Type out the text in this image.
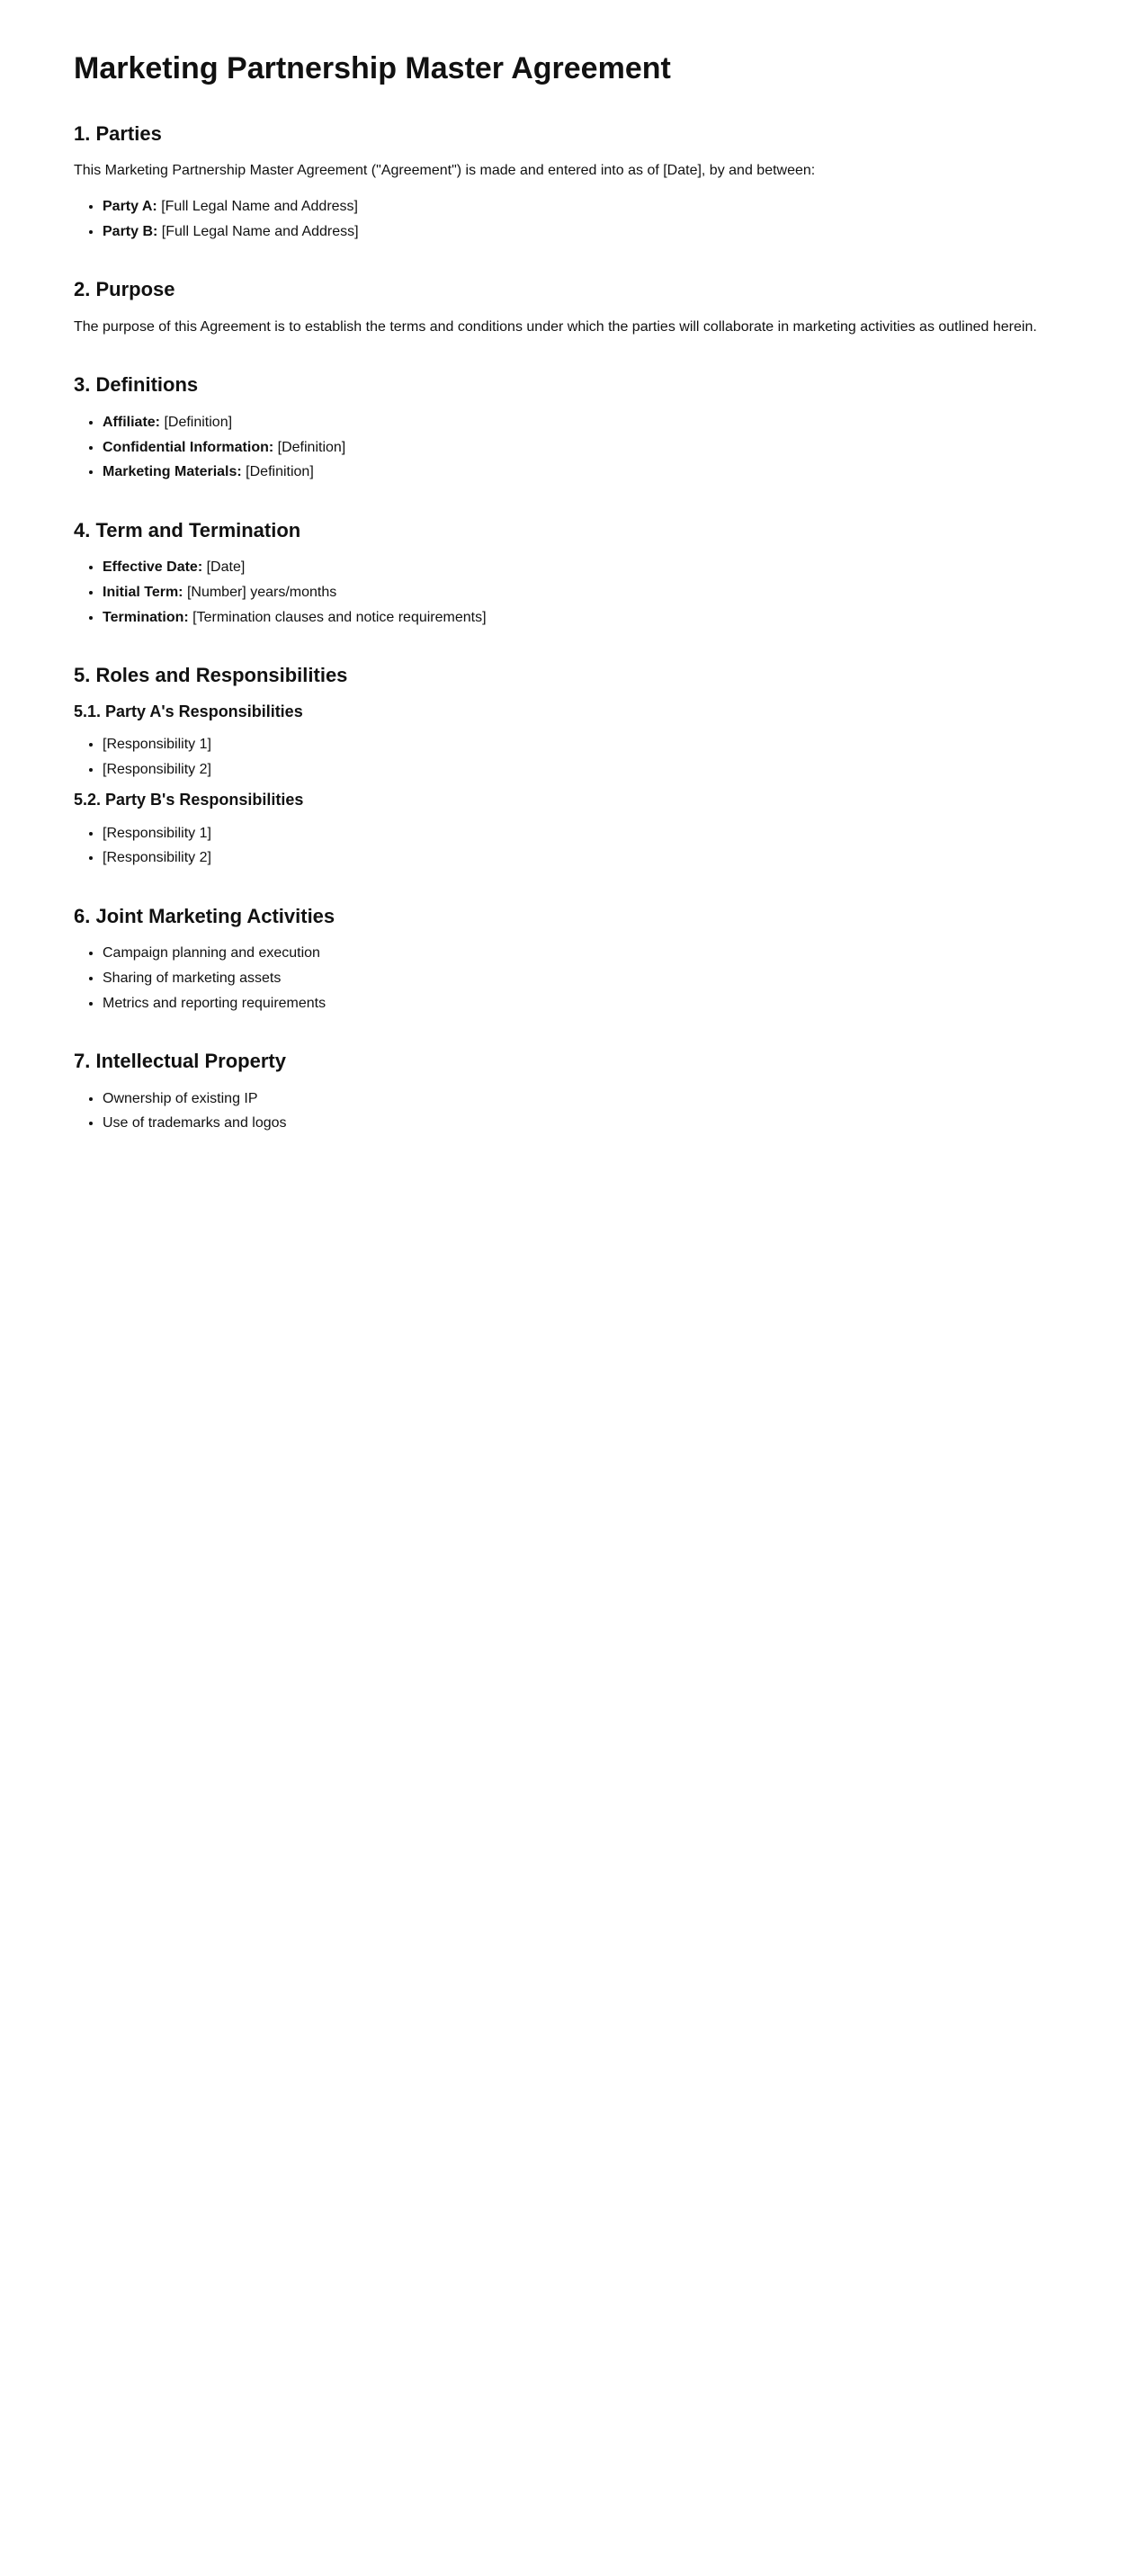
Marketing Partnership Master Agreement
1. Parties

This Marketing Partnership Master Agreement ("Agreement") is made and entered into as of [Date], by and between:

• Party A: [Full Legal Name and Address]
• Party B: [Full Legal Name and Address]
2. Purpose

The purpose of this Agreement is to establish the terms and conditions under which the parties will collaborate in marketing activities as outlined herein.

3. Definitions
• Affiliate: [Definition]
• Confidential Information: [Definition]
• Marketing Materials: [Definition]
4. Term and Termination
• Effective Date: [Date]
• Initial Term: [Number] years/months
• Termination: [Termination clauses and notice requirements]
5. Roles and Responsibilities
5.1. Party A's Responsibilities
• [Responsibility 1]
• [Responsibility 2]
5.2. Party B's Responsibilities
• [Responsibility 1]
• [Responsibility 2]
6. Joint Marketing Activities
• Campaign planning and execution
• Sharing of marketing assets
• Metrics and reporting requirements
7. Intellectual Property
• Ownership of existing IP
• Use of trademarks and logos
